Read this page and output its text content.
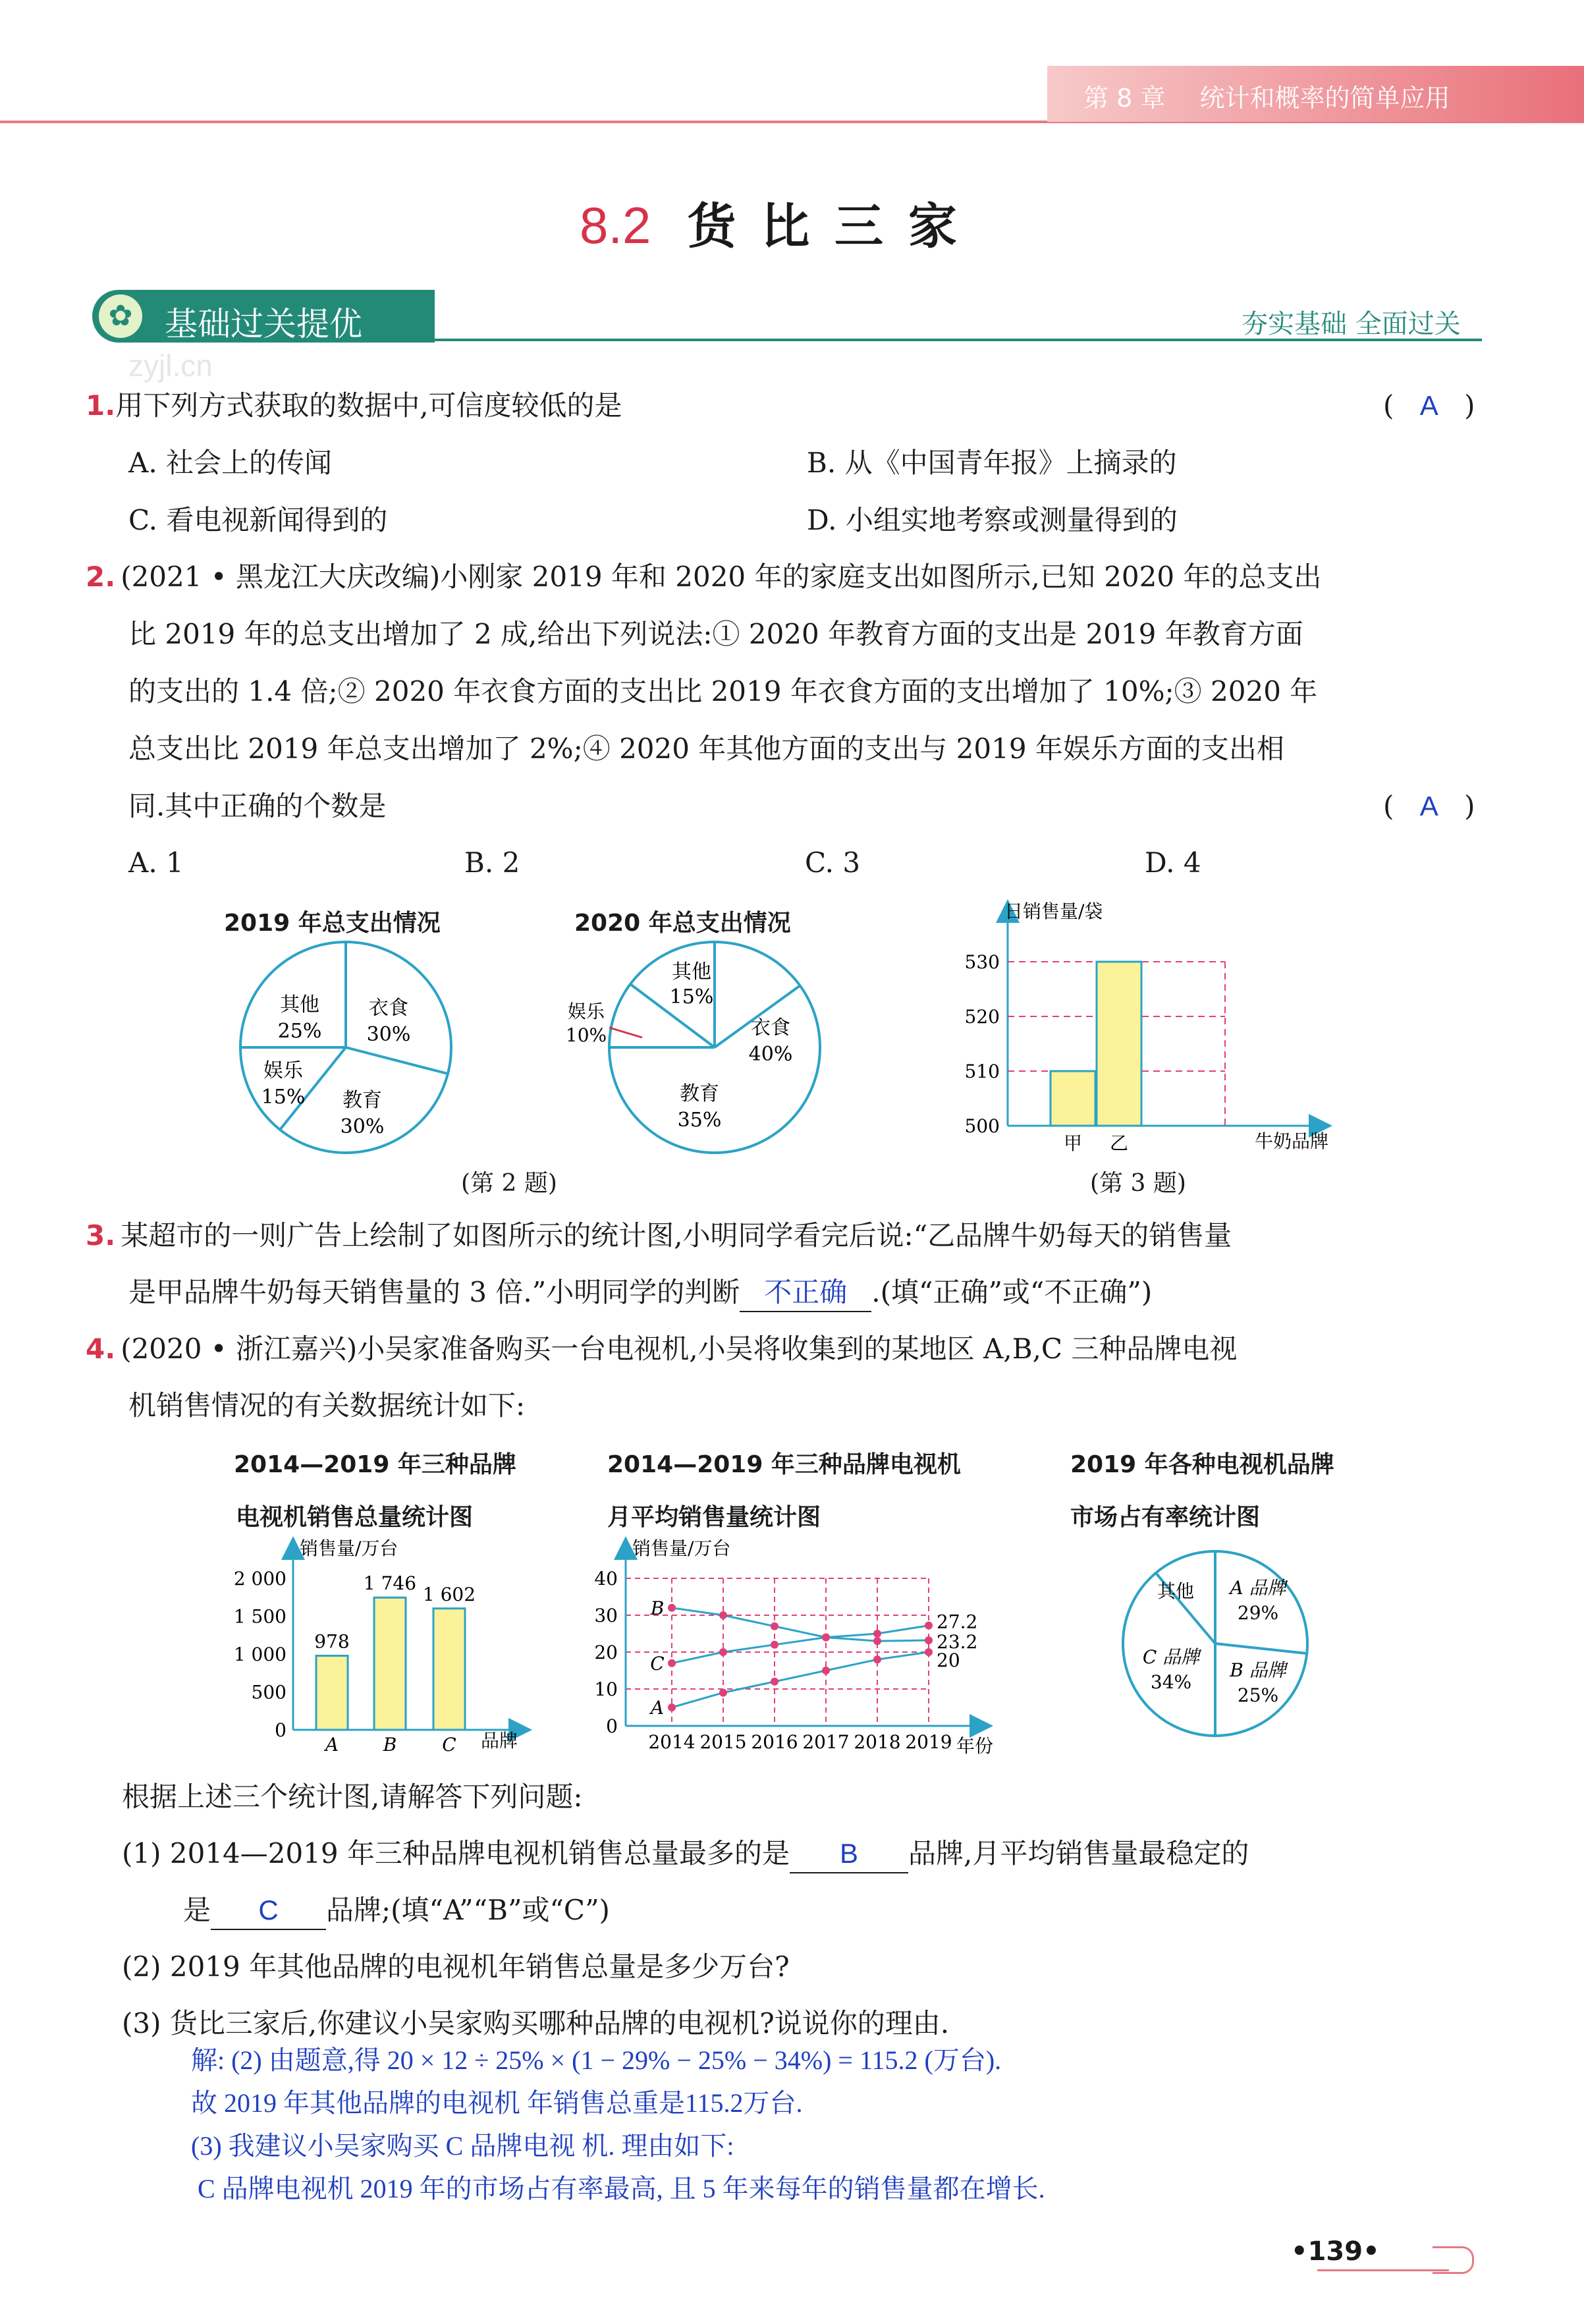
第 8 章 统计和概率的简单应用
8.2 货 比 三 家
✿ 基础过关提优	夯实基础 全面过关
zyjl.cn
1.用下列方式获取的数据中,可信度较低的是	( A )
A. 社会上的传闻	B. 从《中国青年报》上摘录的
C. 看电视新闻得到的	D. 小组实地考察或测量得到的
2. (2021 • 黑龙江大庆改编)小刚家 2019 年和 2020 年的家庭支出如图所示,已知 2020 年的总支出
比 2019 年的总支出增加了 2 成,给出下列说法:① 2020 年教育方面的支出是 2019 年教育方面
的支出的 1.4 倍;② 2020 年衣食方面的支出比 2019 年衣食方面的支出增加了 10%;③ 2020 年
总支出比 2019 年总支出增加了 2%;④ 2020 年其他方面的支出与 2019 年娱乐方面的支出相
同.其中正确的个数是	( A )
A. 1	B. 2	C. 3	D. 4
2019 年总支出情况	2020 年总支出情况
其他
25%
衣食
30%
教育
30%
娱乐
15%
其他
15%
衣食
40%
教育
35%
娱乐
10%
(第 2 题)
甲 乙
500
510
520
530
日销售量/袋
牛奶品牌
(第 3 题)
3. 某超市的一则广告上绘制了如图所示的统计图,小明同学看完后说:“乙品牌牛奶每天的销售量
是甲品牌牛奶每天销售量的 3 倍.”小明同学的判断 不正确 .(填“正确”或“不正确”)
4. (2020 • 浙江嘉兴)小吴家准备购买一台电视机,小吴将收集到的某地区 A,B,C 三种品牌电视
机销售情况的有关数据统计如下:
2014—2019 年三种品牌
电视机销售总量统计图
2014—2019 年三种品牌电视机
月平均销售量统计图
2019 年各种电视机品牌
市场占有率统计图
A B C
0
500
1 000
1 500
2 000
978
1 746
1 602
销售量/万台
品牌
0
10
20
30
40
2014 2015 2016 2017 2018 2019
A
20
B
23.2
C
27.2
销售量/万台
年份
其他 A 品牌
29%
B 品牌
25%
C 品牌
34%
根据上述三个统计图,请解答下列问题:
(1) 2014—2019 年三种品牌电视机销售总量最多的是 B 品牌,月平均销售量最稳定的
是 C 品牌;(填“A”“B”或“C”)
(2) 2019 年其他品牌的电视机年销售总量是多少万台?
(3) 货比三家后,你建议小吴家购买哪种品牌的电视机?说说你的理由.
解: (2) 由题意,得 20 × 12 ÷ 25% × (1 − 29% − 25% − 34%) = 115.2 (万台).
故 2019 年其他品牌的电视机 年销售总重是115.2万台.
(3) 我建议小吴家购买 C 品牌电视 机. 理由如下:
C 品牌电视机 2019 年的市场占有率最高, 且 5 年来每年的销售量都在增长.
•139•
